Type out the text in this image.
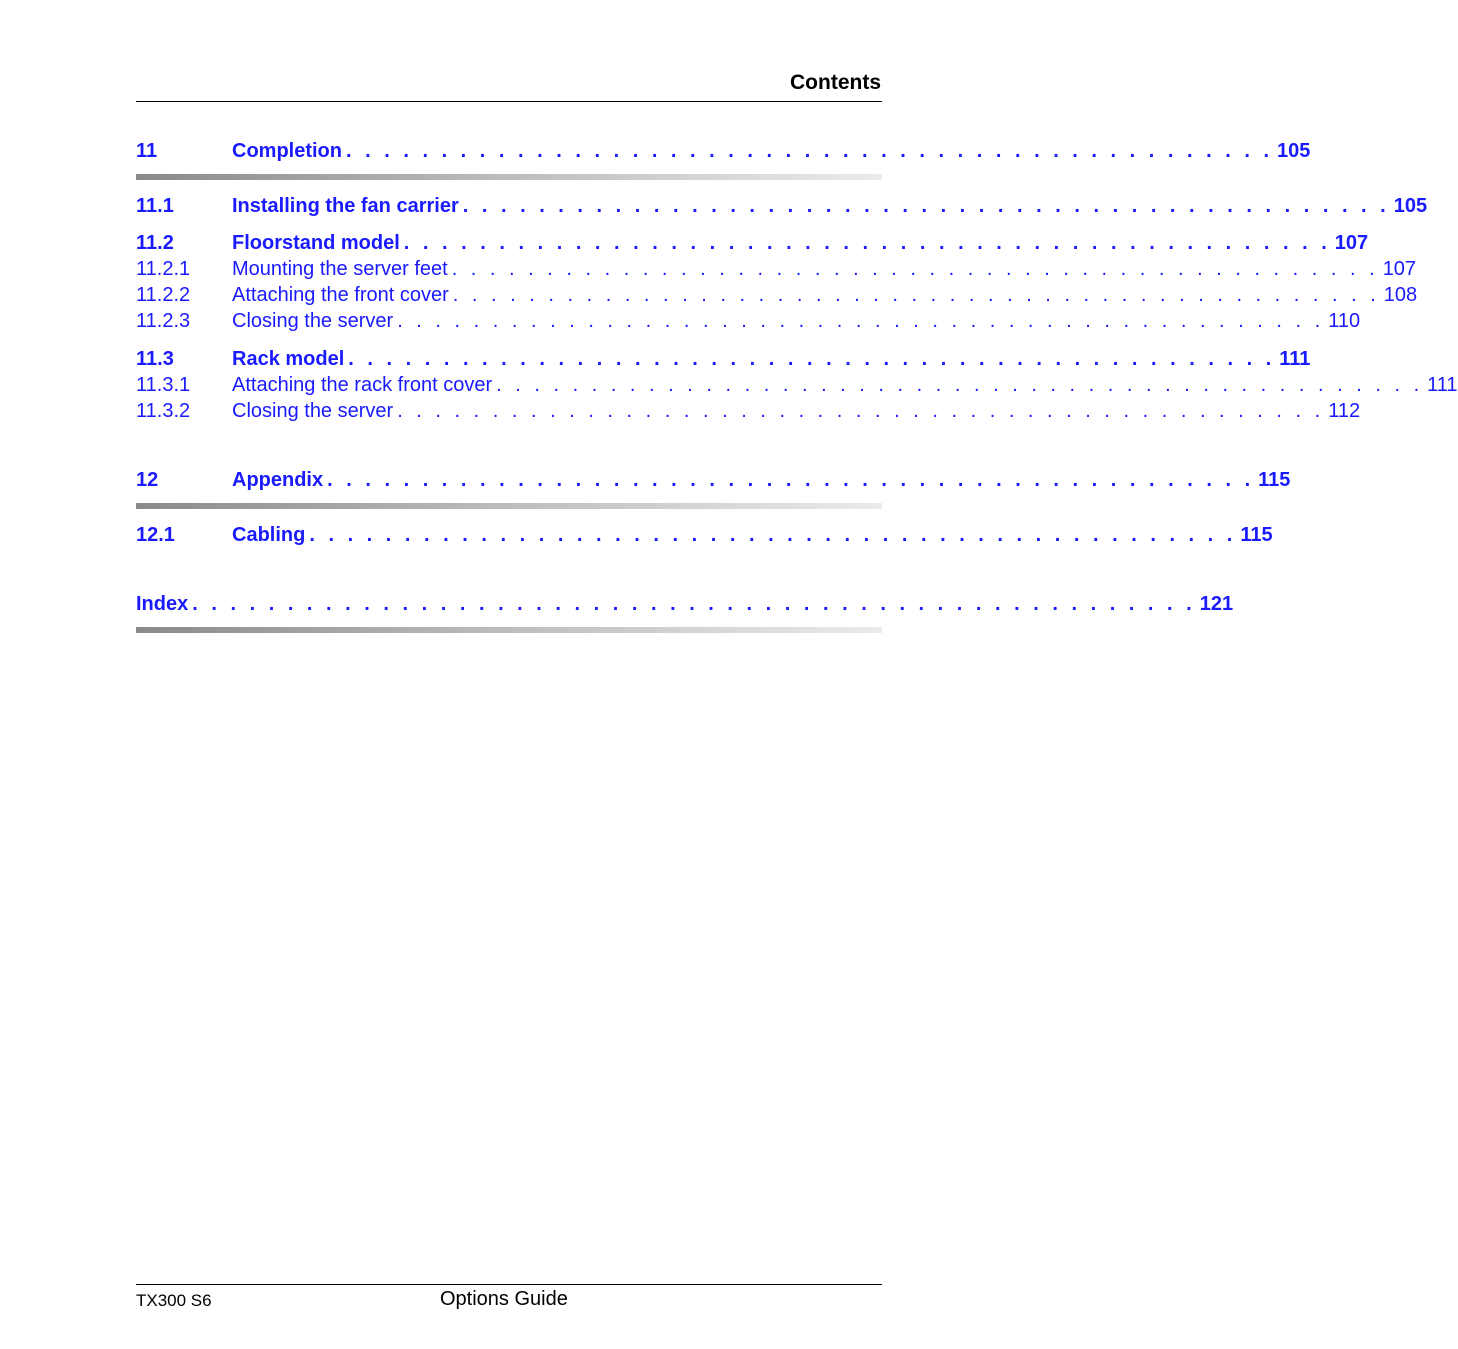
Contents
11	Completion . . . . . . . . . . . . . . . . . . . . . . . . . . . . . . . . . . . . . . . . . . . . . . . . . 105
11.1	Installing the fan carrier . . . . . . . . . . . . . . . . . . . . . . . . . . . . . . . . . . . . . . . . . . . . . . . . . 105
11.2	Floorstand model . . . . . . . . . . . . . . . . . . . . . . . . . . . . . . . . . . . . . . . . . . . . . . . . . 107
11.2.1	Mounting the server feet . . . . . . . . . . . . . . . . . . . . . . . . . . . . . . . . . . . . . . . . . . . . . . . . . 107
11.2.2	Attaching the front cover . . . . . . . . . . . . . . . . . . . . . . . . . . . . . . . . . . . . . . . . . . . . . . . . . 108
11.2.3	Closing the server . . . . . . . . . . . . . . . . . . . . . . . . . . . . . . . . . . . . . . . . . . . . . . . . . 110
11.3	Rack model . . . . . . . . . . . . . . . . . . . . . . . . . . . . . . . . . . . . . . . . . . . . . . . . . 111
11.3.1	Attaching the rack front cover . . . . . . . . . . . . . . . . . . . . . . . . . . . . . . . . . . . . . . . . . . . . . . . . . 111
11.3.2	Closing the server . . . . . . . . . . . . . . . . . . . . . . . . . . . . . . . . . . . . . . . . . . . . . . . . . 112
12	Appendix . . . . . . . . . . . . . . . . . . . . . . . . . . . . . . . . . . . . . . . . . . . . . . . . . 115
12.1	Cabling . . . . . . . . . . . . . . . . . . . . . . . . . . . . . . . . . . . . . . . . . . . . . . . . . 115
Index . . . . . . . . . . . . . . . . . . . . . . . . . . . . . . . . . . . . . . . . . . . . . . . . . . . . . 121
TX300 S6	Options Guide
